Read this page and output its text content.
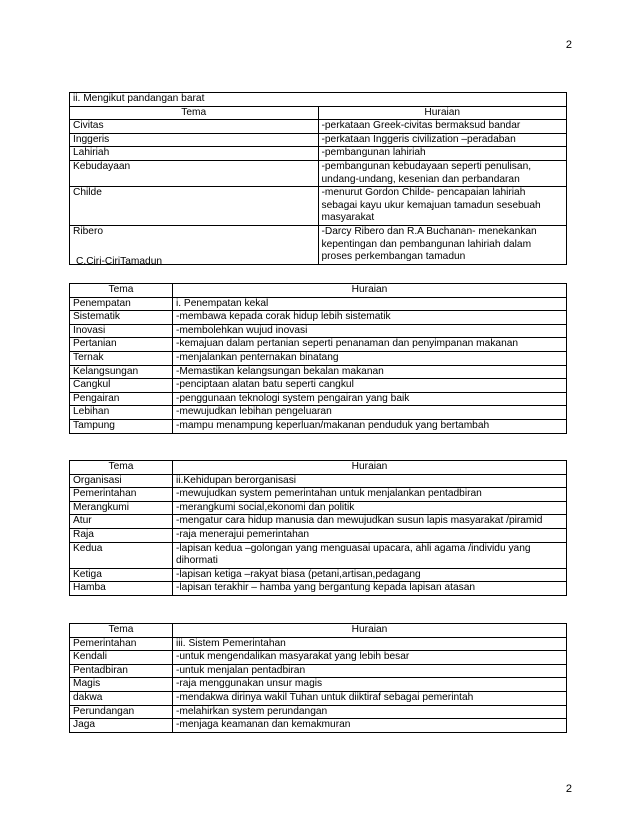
2
ii. Mengikut pandangan barat	
Tema	Huraian
Civitas	-perkataan Greek-civitas bermaksud bandar
Inggeris	-perkataan Inggeris civilization –peradaban
Lahiriah	-pembangunan lahiriah
Kebudayaan	-pembangunan kebudayaan seperti penulisan, undang-undang, kesenian dan perbandaran
Childe	-menurut Gordon Childe- pencapaian lahiriah sebagai kayu ukur kemajuan tamadun sesebuah masyarakat
Ribero	-Darcy Ribero dan R.A Buchanan- menekankan kepentingan dan pembangunan lahiriah dalam proses perkembangan tamadun
C.Ciri-CiriTamadun
Tema	Huraian
Penempatan	i. Penempatan kekal
Sistematik	-membawa kepada corak hidup lebih sistematik
Inovasi	-membolehkan wujud inovasi
Pertanian	-kemajuan dalam pertanian seperti penanaman dan penyimpanan makanan
Ternak	-menjalankan penternakan binatang
Kelangsungan	-Memastikan kelangsungan bekalan makanan
Cangkul	-penciptaan alatan batu seperti cangkul
Pengairan	-penggunaan teknologi system pengairan yang baik
Lebihan	-mewujudkan lebihan pengeluaran
Tampung	-mampu menampung keperluan/makanan penduduk yang bertambah
Tema	Huraian
Organisasi	ii.Kehidupan berorganisasi
Pemerintahan	-mewujudkan system pemerintahan untuk menjalankan pentadbiran
Merangkumi	-merangkumi social,ekonomi dan politik
Atur	-mengatur cara hidup manusia dan mewujudkan susun lapis masyarakat /piramid
Raja	-raja menerajui pemerintahan
Kedua	-lapisan kedua –golongan yang menguasai upacara, ahli agama /individu yang dihormati
Ketiga	-lapisan ketiga –rakyat biasa (petani,artisan,pedagang
Hamba	-lapisan terakhir – hamba yang bergantung kepada lapisan atasan
Tema	Huraian
Pemerintahan	iii. Sistem Pemerintahan
Kendali	-untuk mengendalikan masyarakat yang lebih besar
Pentadbiran	-untuk menjalan pentadbiran
Magis	-raja menggunakan unsur magis
dakwa	-mendakwa dirinya wakil Tuhan untuk diiktiraf sebagai pemerintah
Perundangan	-melahirkan system perundangan
Jaga	-menjaga keamanan dan kemakmuran
2
